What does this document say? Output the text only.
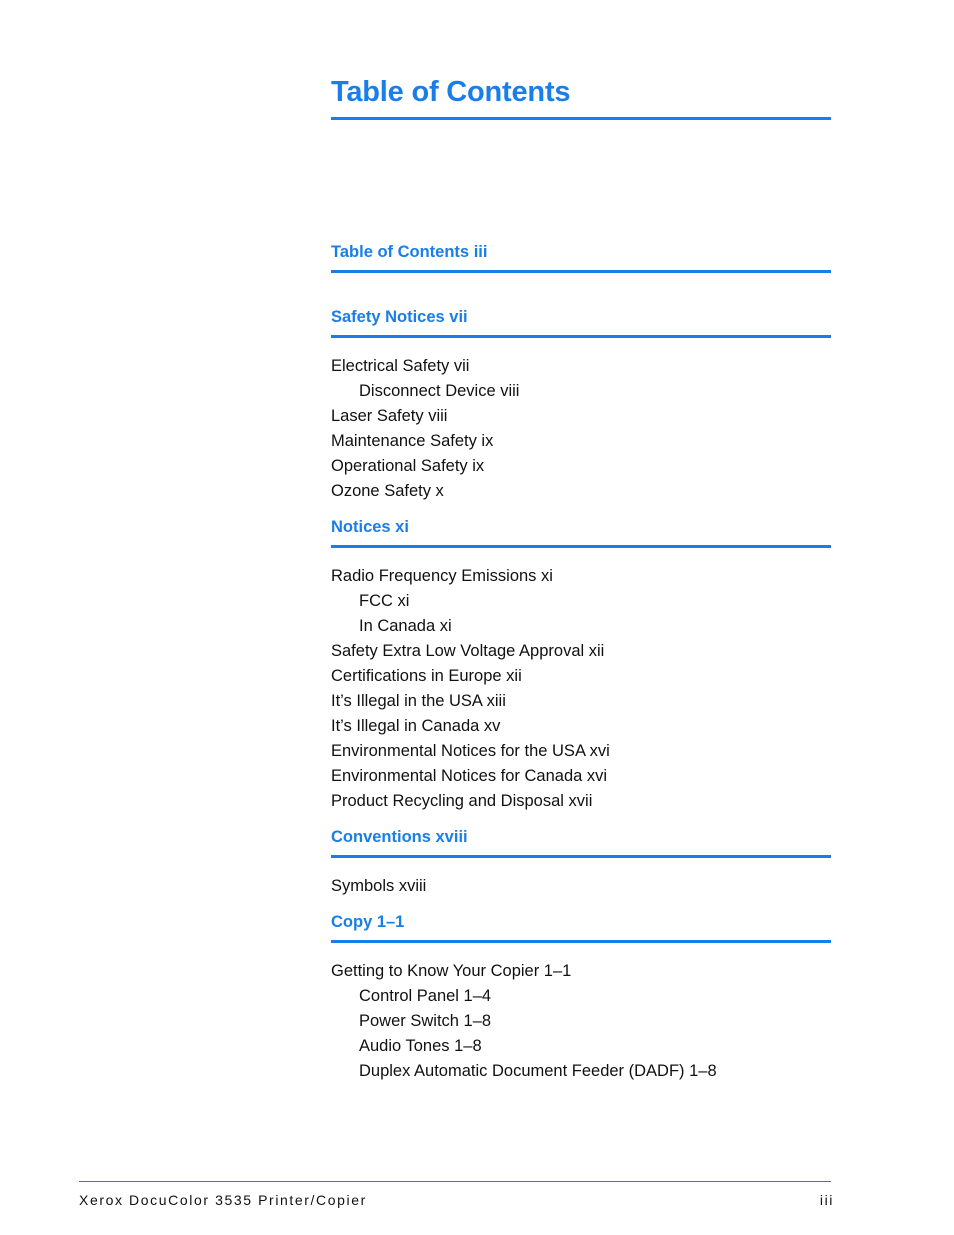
Table of Contents
Table of Contents iii
Safety Notices vii
Electrical Safety vii
Disconnect Device viii
Laser Safety viii
Maintenance Safety ix
Operational Safety ix
Ozone Safety x
Notices xi
Radio Frequency Emissions xi
FCC xi
In Canada xi
Safety Extra Low Voltage Approval xii
Certifications in Europe xii
It’s Illegal in the USA xiii
It’s Illegal in Canada xv
Environmental Notices for the USA xvi
Environmental Notices for Canada xvi
Product Recycling and Disposal xvii
Conventions xviii
Symbols xviii
Copy 1–1
Getting to Know Your Copier 1–1
Control Panel 1–4
Power Switch 1–8
Audio Tones 1–8
Duplex Automatic Document Feeder (DADF) 1–8
Xerox DocuColor 3535 Printer/Copier	iii
